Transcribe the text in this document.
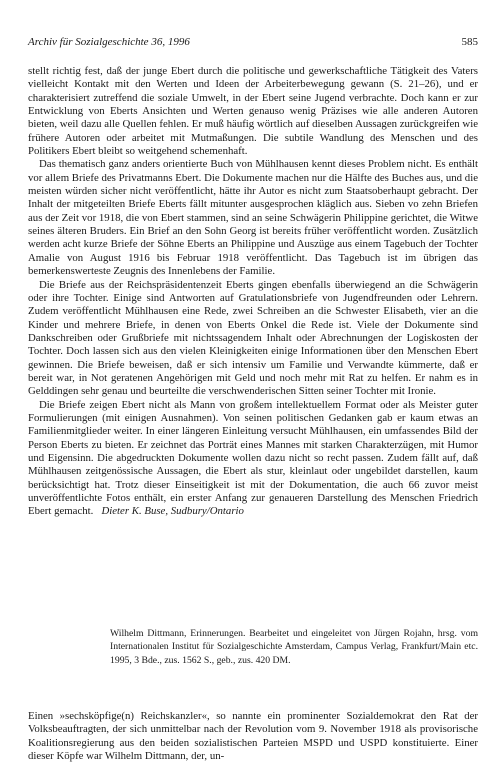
Archiv für Sozialgeschichte 36, 1996	585

stellt richtig fest, daß der junge Ebert durch die politische und gewerkschaftliche Tätigkeit des Vaters vielleicht Kontakt mit den Werten und Ideen der Arbeiterbewegung gewann (S. 21–26), und er charakterisiert zutreffend die soziale Umwelt, in der Ebert seine Jugend verbrachte. Doch kann er zur Entwicklung von Eberts Ansichten und Werten genauso wenig Präzises wie alle anderen Autoren bieten, weil dazu alle Quellen fehlen. Er muß häufig wörtlich auf dieselben Aussagen zurückgreifen wie frühere Autoren oder arbeitet mit Mutmaßungen. Die subtile Wandlung des Menschen und des Politikers Ebert bleibt so weitgehend schemenhaft.

Das thematisch ganz anders orientierte Buch von Mühlhausen kennt dieses Problem nicht. Es enthält vor allem Briefe des Privatmanns Ebert. Die Dokumente machen nur die Hälfte des Buches aus, und die meisten würden sicher nicht veröffentlicht, hätte ihr Autor es nicht zum Staatsoberhaupt gebracht. Der Inhalt der mitgeteilten Briefe Eberts fällt mitunter ausgesprochen kläglich aus. Sieben vo zehn Briefen aus der Zeit vor 1918, die von Ebert stammen, sind an seine Schwägerin Philippine gerichtet, die Witwe seines älteren Bruders. Ein Brief an den Sohn Georg ist bereits früher veröffentlicht worden. Zusätzlich werden acht kurze Briefe der Söhne Eberts an Philippine und Auszüge aus einem Tagebuch der Tochter Amalie von August 1916 bis Februar 1918 veröffentlicht. Das Tagebuch ist im übrigen das bemerkenswerteste Zeugnis des Innenlebens der Familie.

Die Briefe aus der Reichspräsidentenzeit Eberts gingen ebenfalls überwiegend an die Schwägerin oder ihre Tochter. Einige sind Antworten auf Gratulationsbriefe von Jugendfreunden oder Lehrern. Zudem veröffentlicht Mühlhausen eine Rede, zwei Schreiben an die Schwester Elisabeth, vier an die Kinder und mehrere Briefe, in denen von Eberts Onkel die Rede ist. Viele der Dokumente sind Dankschreiben oder Grußbriefe mit nichtssagendem Inhalt oder Abrechnungen der Logiskosten der Tochter. Doch lassen sich aus den vielen Kleinigkeiten einige Informationen über den Menschen Ebert gewinnen. Die Briefe beweisen, daß er sich intensiv um Familie und Verwandte kümmerte, daß er bereit war, in Not geratenen Angehörigen mit Geld und noch mehr mit Rat zu helfen. Er nahm es in Gelddingen sehr genau und beurteilte die verschwenderischen Sitten seiner Tochter mit Ironie.

Die Briefe zeigen Ebert nicht als Mann von großem intellektuellem Format oder als Meister guter Formulierungen (mit einigen Ausnahmen). Von seinen politischen Gedanken gab er kaum etwas an Familienmitglieder weiter. In einer längeren Einleitung versucht Mühlhausen, ein umfassendes Bild der Person Eberts zu bieten. Er zeichnet das Porträt eines Mannes mit starken Charakterzügen, mit Humor und Eigensinn. Die abgedruckten Dokumente wollen dazu nicht so recht passen. Zudem fällt auf, daß Mühlhausen zeitgenössische Aussagen, die Ebert als stur, kleinlaut oder ungebildet darstellen, kaum berücksichtigt hat. Trotz dieser Einseitigkeit ist mit der Dokumentation, die auch 66 zuvor meist unveröffentlichte Fotos enthält, ein erster Anfang zur genaueren Darstellung des Menschen Friedrich Ebert gemacht. Dieter K. Buse, Sudbury/Ontario

Wilhelm Dittmann, Erinnerungen. Bearbeitet und eingeleitet von Jürgen Rojahn, hrsg. vom Internationalen Institut für Sozialgeschichte Amsterdam, Campus Verlag, Frankfurt/Main etc. 1995, 3 Bde., zus. 1562 S., geb., zus. 420 DM.

Einen »sechsköpfige(n) Reichskanzler«, so nannte ein prominenter Sozialdemokrat den Rat der Volksbeauftragten, der sich unmittelbar nach der Revolution vom 9. November 1918 als provisorische Koalitionsregierung aus den beiden sozialistischen Parteien MSPD und USPD konstituierte. Einer dieser Köpfe war Wilhelm Dittmann, der, un-
